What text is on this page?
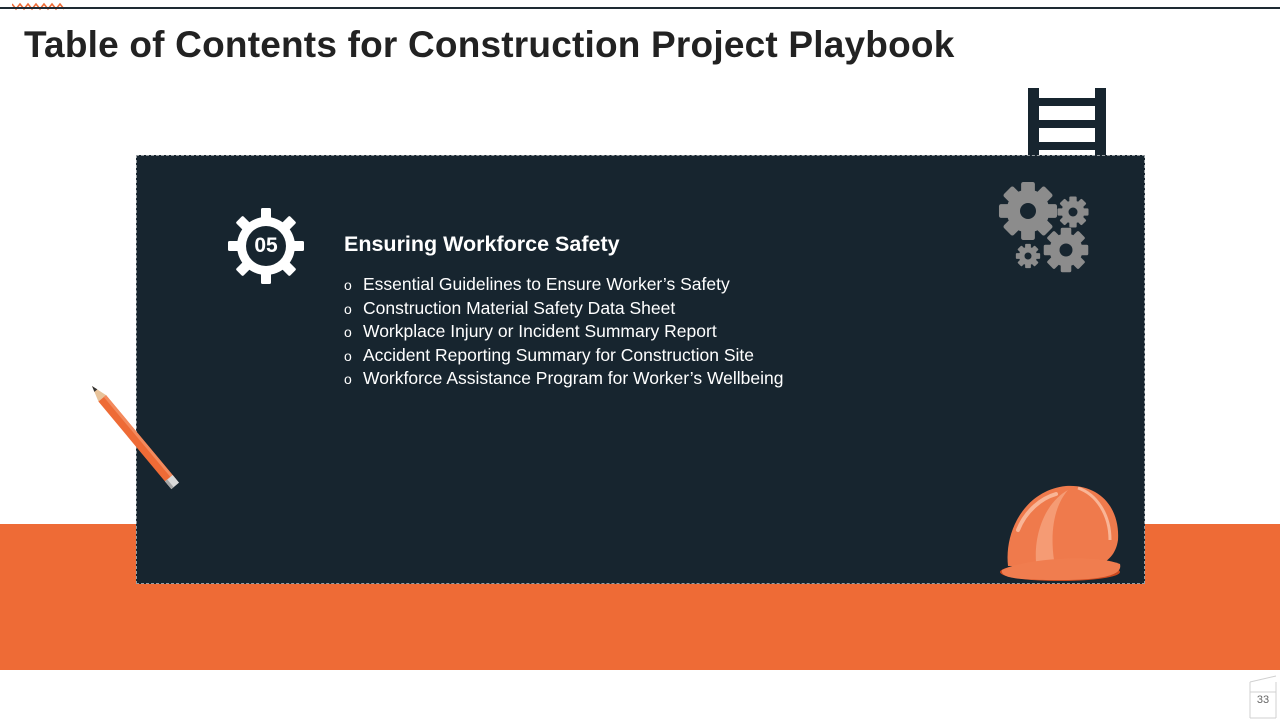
Table of Contents for Construction Project Playbook
05	Ensuring Workforce Safety
o Essential Guidelines to Ensure Worker’s Safety
o Construction Material Safety Data Sheet
o Workplace Injury or Incident Summary Report
o Accident Reporting Summary for Construction Site
o Workforce Assistance Program for Worker’s Wellbeing
33
